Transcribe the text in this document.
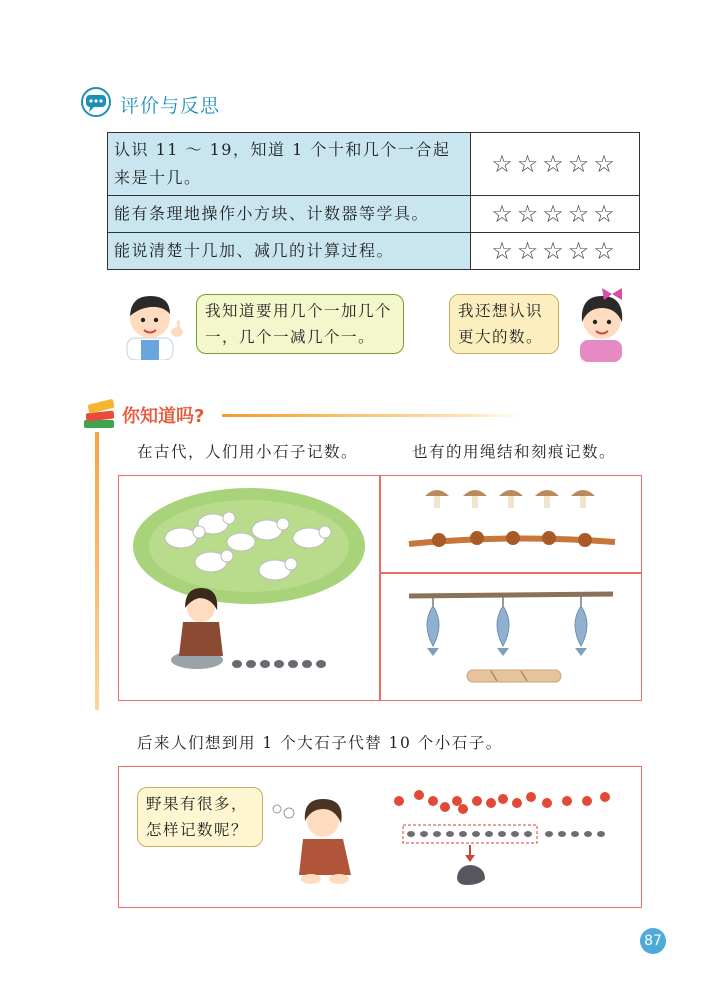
评价与反思
认识 11 ～ 19，知道 1 个十和几个一合起来是十几。	☆☆☆☆☆
能有条理地操作小方块、计数器等学具。	☆☆☆☆☆
能说清楚十几加、减几的计算过程。	☆☆☆☆☆
我知道要用几个一加几个一，几个一减几个一。
我还想认识更大的数。
你知道吗?
在古代，人们用小石子记数。	也有的用绳结和刻痕记数。
后来人们想到用 1 个大石子代替 10 个小石子。
野果有很多，怎样记数呢？
87
